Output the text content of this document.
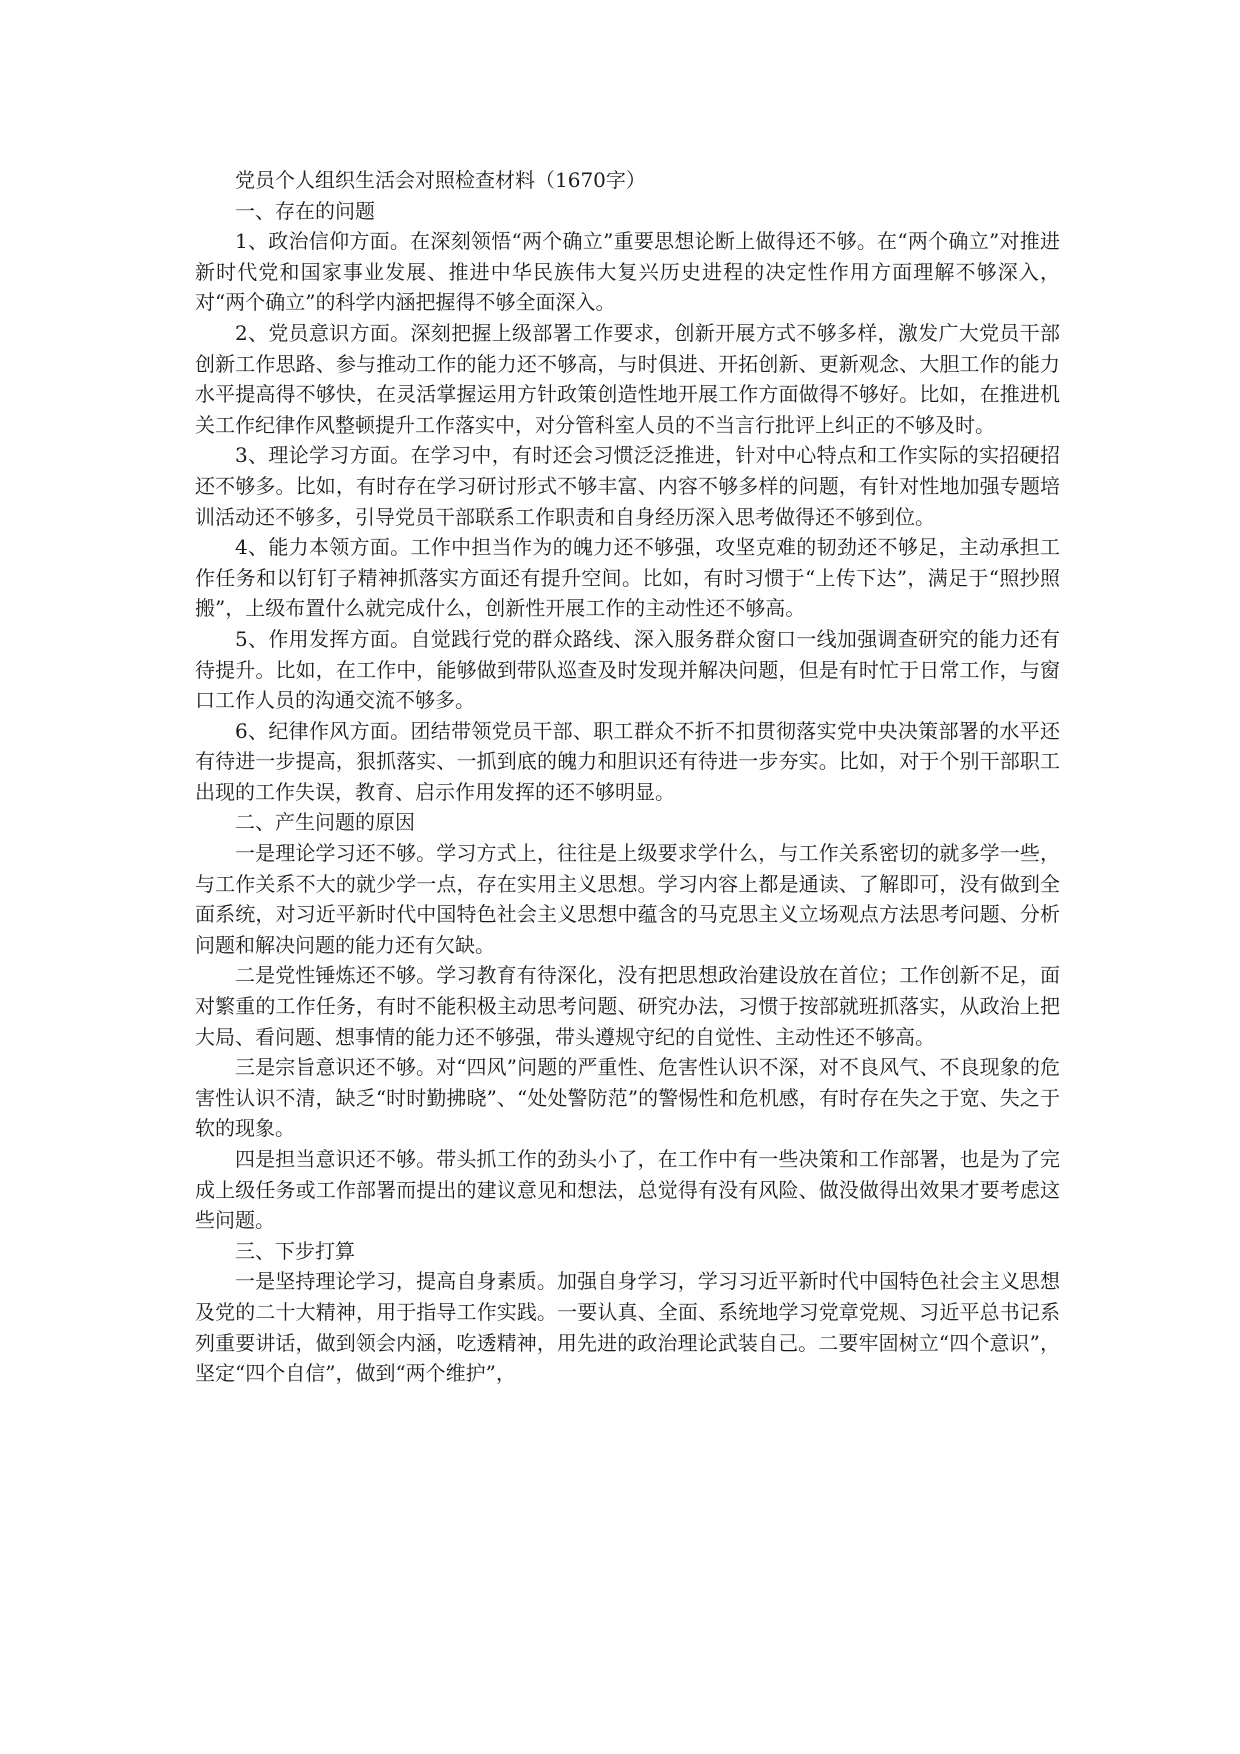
党员个人组织生活会对照检查材料（1670字）

一、存在的问题

1、政治信仰方面。在深刻领悟“两个确立”重要思想论断上做得还不够。在“两个确立”对推进新时代党和国家事业发展、推进中华民族伟大复兴历史进程的决定性作用方面理解不够深入，对“两个确立”的科学内涵把握得不够全面深入。

2、党员意识方面。深刻把握上级部署工作要求，创新开展方式不够多样，激发广大党员干部创新工作思路、参与推动工作的能力还不够高，与时俱进、开拓创新、更新观念、大胆工作的能力水平提高得不够快，在灵活掌握运用方针政策创造性地开展工作方面做得不够好。比如，在推进机关工作纪律作风整顿提升工作落实中，对分管科室人员的不当言行批评上纠正的不够及时。

3、理论学习方面。在学习中，有时还会习惯泛泛推进，针对中心特点和工作实际的实招硬招还不够多。比如，有时存在学习研讨形式不够丰富、内容不够多样的问题，有针对性地加强专题培训活动还不够多，引导党员干部联系工作职责和自身经历深入思考做得还不够到位。

4、能力本领方面。工作中担当作为的魄力还不够强，攻坚克难的韧劲还不够足，主动承担工作任务和以钉钉子精神抓落实方面还有提升空间。比如，有时习惯于“上传下达”，满足于“照抄照搬”，上级布置什么就完成什么，创新性开展工作的主动性还不够高。

5、作用发挥方面。自觉践行党的群众路线、深入服务群众窗口一线加强调查研究的能力还有待提升。比如，在工作中，能够做到带队巡查及时发现并解决问题，但是有时忙于日常工作，与窗口工作人员的沟通交流不够多。

6、纪律作风方面。团结带领党员干部、职工群众不折不扣贯彻落实党中央决策部署的水平还有待进一步提高，狠抓落实、一抓到底的魄力和胆识还有待进一步夯实。比如，对于个别干部职工出现的工作失误，教育、启示作用发挥的还不够明显。

二、产生问题的原因

一是理论学习还不够。学习方式上，往往是上级要求学什么，与工作关系密切的就多学一些，与工作关系不大的就少学一点，存在实用主义思想。学习内容上都是通读、了解即可，没有做到全面系统，对习近平新时代中国特色社会主义思想中蕴含的马克思主义立场观点方法思考问题、分析问题和解决问题的能力还有欠缺。

二是党性锤炼还不够。学习教育有待深化，没有把思想政治建设放在首位；工作创新不足，面对繁重的工作任务，有时不能积极主动思考问题、研究办法，习惯于按部就班抓落实，从政治上把大局、看问题、想事情的能力还不够强，带头遵规守纪的自觉性、主动性还不够高。

三是宗旨意识还不够。对“四风”问题的严重性、危害性认识不深，对不良风气、不良现象的危害性认识不清，缺乏“时时勤拂晓”、“处处警防范”的警惕性和危机感，有时存在失之于宽、失之于软的现象。

四是担当意识还不够。带头抓工作的劲头小了，在工作中有一些决策和工作部署，也是为了完成上级任务或工作部署而提出的建议意见和想法，总觉得有没有风险、做没做得出效果才要考虑这些问题。

三、下步打算

一是坚持理论学习，提高自身素质。加强自身学习，学习习近平新时代中国特色社会主义思想及党的二十大精神，用于指导工作实践。一要认真、全面、系统地学习党章党规、习近平总书记系列重要讲话，做到领会内涵，吃透精神，用先进的政治理论武装自己。二要牢固树立“四个意识”，坚定“四个自信”，做到“两个维护”，
